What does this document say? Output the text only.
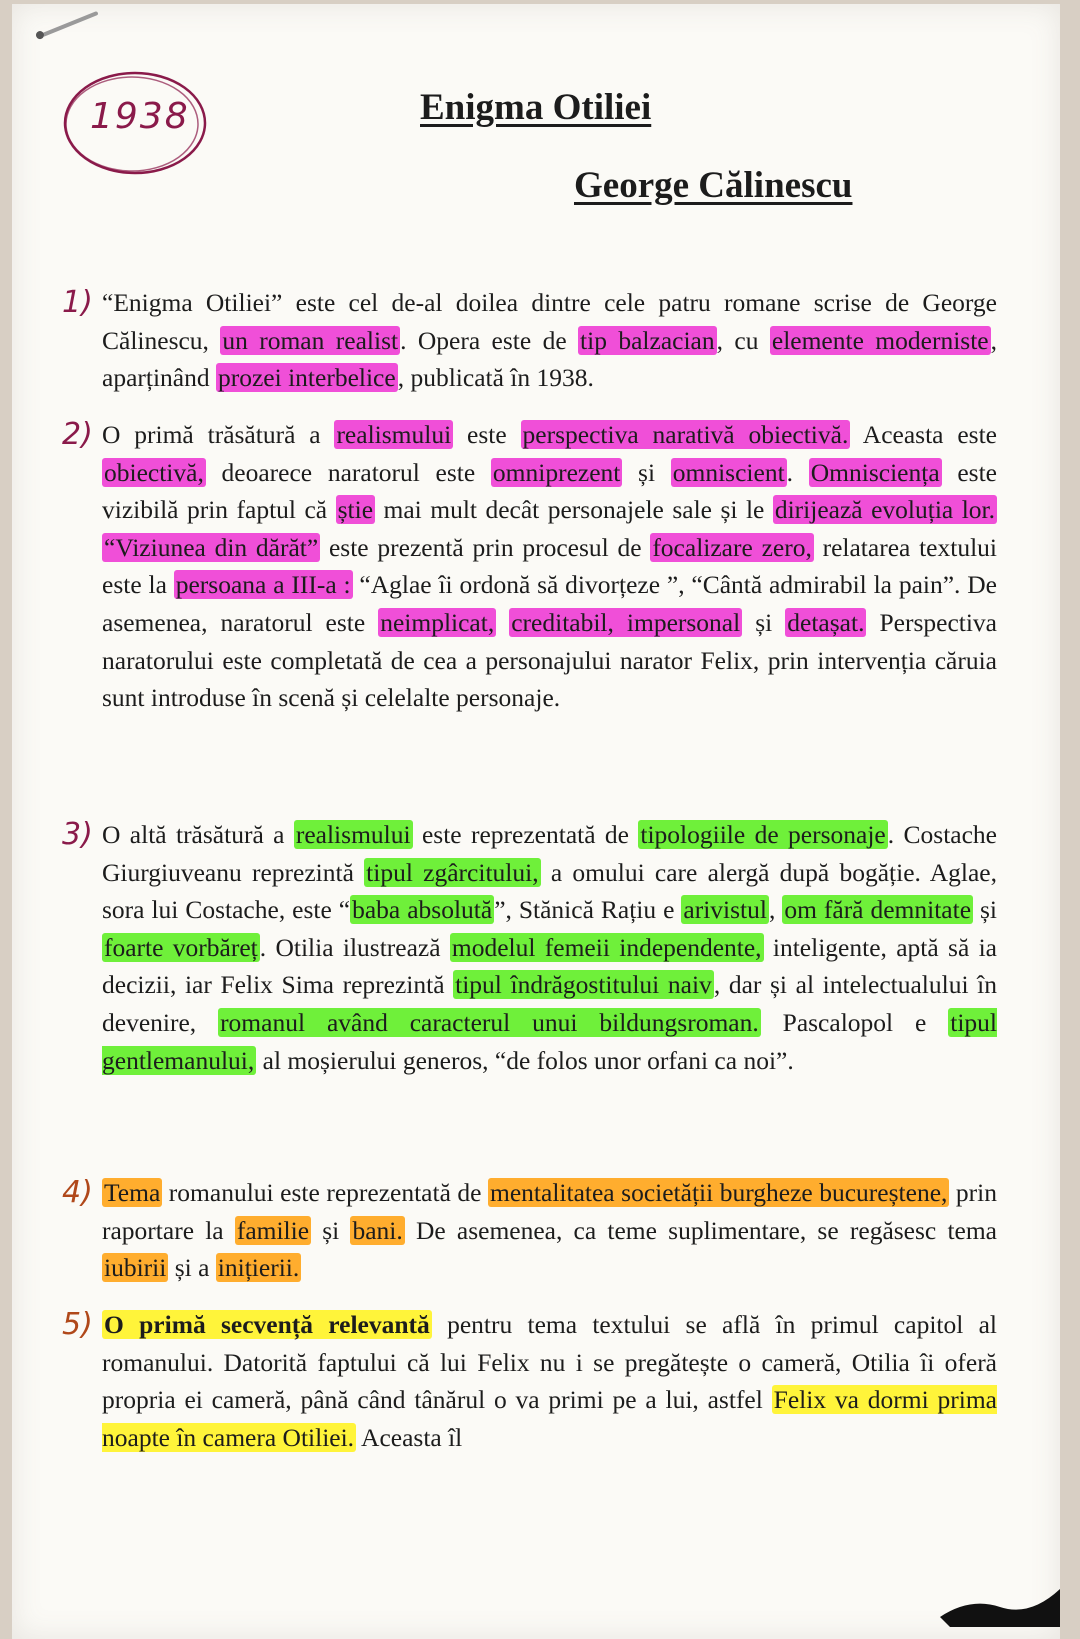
1938	Enigma Otiliei
George Călinescu
1) “Enigma Otiliei” este cel de-al doilea dintre cele patru romane scrise de George Călinescu, un roman realist. Opera este de tip balzacian, cu elemente moderniste, aparținând prozei interbelice, publicată în 1938.
2) O primă trăsătură a realismului este perspectiva narativă obiectivă. Aceasta este obiectivă, deoarece naratorul este omniprezent și omniscient. Omnisciența este vizibilă prin faptul că știe mai mult decât personajele sale și le dirijează evoluția lor. “Viziunea din dărăt” este prezentă prin procesul de focalizare zero, relatarea textului este la persoana a III-a : “Aglae îi ordonă să divorțeze ”, “Cântă admirabil la pain”. De asemenea, naratorul este neimplicat, creditabil, impersonal și detașat. Perspectiva naratorului este completată de cea a personajului narator Felix, prin intervenția căruia sunt introduse în scenă și celelalte personaje.
3) O altă trăsătură a realismului este reprezentată de tipologiile de personaje. Costache Giurgiuveanu reprezintă tipul zgârcitului, a omului care alergă după bogăție. Aglae, sora lui Costache, este “baba absolută”, Stănică Rațiu e arivistul, om fără demnitate și foarte vorbăreț. Otilia ilustrează modelul femeii independente, inteligente, aptă să ia decizii, iar Felix Sima reprezintă tipul îndrăgostitului naiv, dar și al intelectualului în devenire, romanul având caracterul unui bildungsroman. Pascalopol e tipul gentlemanului, al moșierului generos, “de folos unor orfani ca noi”.
4) Tema romanului este reprezentată de mentalitatea societății burgheze bucureștene, prin raportare la familie și bani. De asemenea, ca teme suplimentare, se regăsesc tema iubirii și a inițierii.
5) O primă secvență relevantă pentru tema textului se află în primul capitol al romanului. Datorită faptului că lui Felix nu i se pregătește o cameră, Otilia îi oferă propria ei cameră, până când tânărul o va primi pe a lui, astfel Felix va dormi prima noapte în camera Otiliei. Aceasta îl
